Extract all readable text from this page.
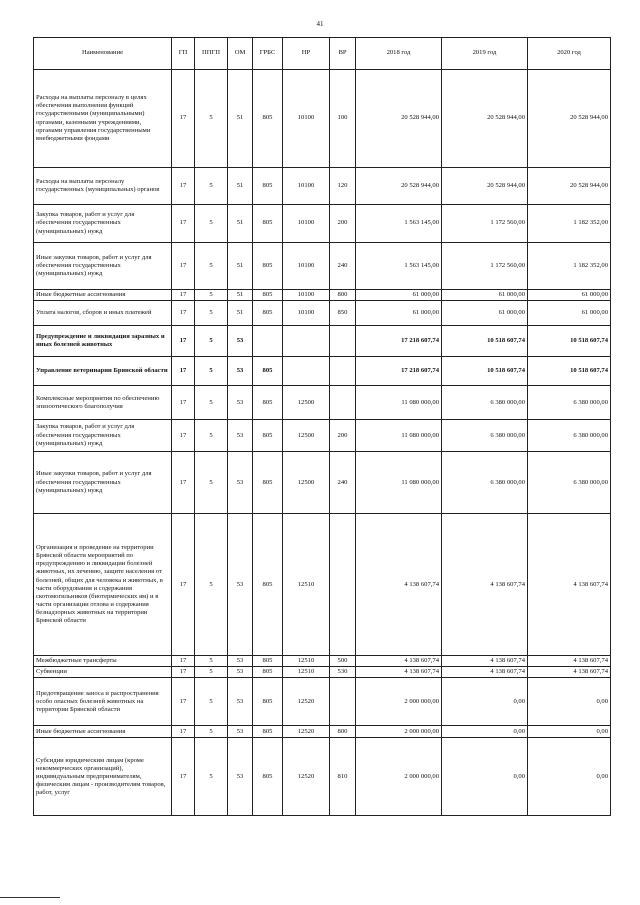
41
Наименование	ГП	ППГП	ОМ	ГРБС	НР	ВР	2018 год	2019 год	2020 год
Расходы на выплаты персоналу в целях обеспечения выполнения функций государственными (муниципальными) органами, казенными учреждениями, органами управления государственными внебюджетными фондами	17	5	51	805	10100	100	20 528 944,00	20 528 944,00	20 528 944,00
Расходы на выплаты персоналу государственных (муниципальных) органов	17	5	51	805	10100	120	20 528 944,00	20 528 944,00	20 528 944,00
Закупка товаров, работ и услуг для обеспечения государственных (муниципальных) нужд	17	5	51	805	10100	200	1 563 145,00	1 172 560,00	1 182 352,00
Иные закупки товаров, работ и услуг для обеспечения государственных (муниципальных) нужд	17	5	51	805	10100	240	1 563 145,00	1 172 560,00	1 182 352,00
Иные бюджетные ассигнования	17	5	51	805	10100	800	61 000,00	61 000,00	61 000,00
Уплата налогов, сборов и иных платежей	17	5	51	805	10100	850	61 000,00	61 000,00	61 000,00
Предупреждение и ликвидация заразных и иных болезней животных	17	5	53				17 218 607,74	10 518 607,74	10 518 607,74
Управление ветеринарии Брянской области	17	5	53	805			17 218 607,74	10 518 607,74	10 518 607,74
Комплексные мероприятия по обеспечению эпизоотического благополучия	17	5	53	805	12500		11 080 000,00	6 380 000,00	6 380 000,00
Закупка товаров, работ и услуг для обеспечения государственных (муниципальных) нужд	17	5	53	805	12500	200	11 080 000,00	6 380 000,00	6 380 000,00
Иные закупки товаров, работ и услуг для обеспечения государственных (муниципальных) нужд	17	5	53	805	12500	240	11 080 000,00	6 380 000,00	6 380 000,00
Организация и проведение на территории Брянской области мероприятий по предупреждению и ликвидации болезней животных, их лечению, защите населения от болезней, общих для человека и животных, в части оборудования и содержания скотомогильников (биотермических ям) и в части организации отлова и содержания безнадзорных животных на территории Брянской области	17	5	53	805	12510		4 138 607,74	4 138 607,74	4 138 607,74
Межбюджетные трансферты	17	5	53	805	12510	500	4 138 607,74	4 138 607,74	4 138 607,74
Субвенции	17	5	53	805	12510	530	4 138 607,74	4 138 607,74	4 138 607,74
Предотвращение заноса и распространения особо опасных болезней животных на территории Брянской области	17	5	53	805	12520		2 000 000,00	0,00	0,00
Иные бюджетные ассигнования	17	5	53	805	12520	800	2 000 000,00	0,00	0,00
Субсидии юридическим лицам (кроме некоммерческих организаций), индивидуальным предпринимателям, физическим лицам - производителям товаров, работ, услуг	17	5	53	805	12520	810	2 000 000,00	0,00	0,00
